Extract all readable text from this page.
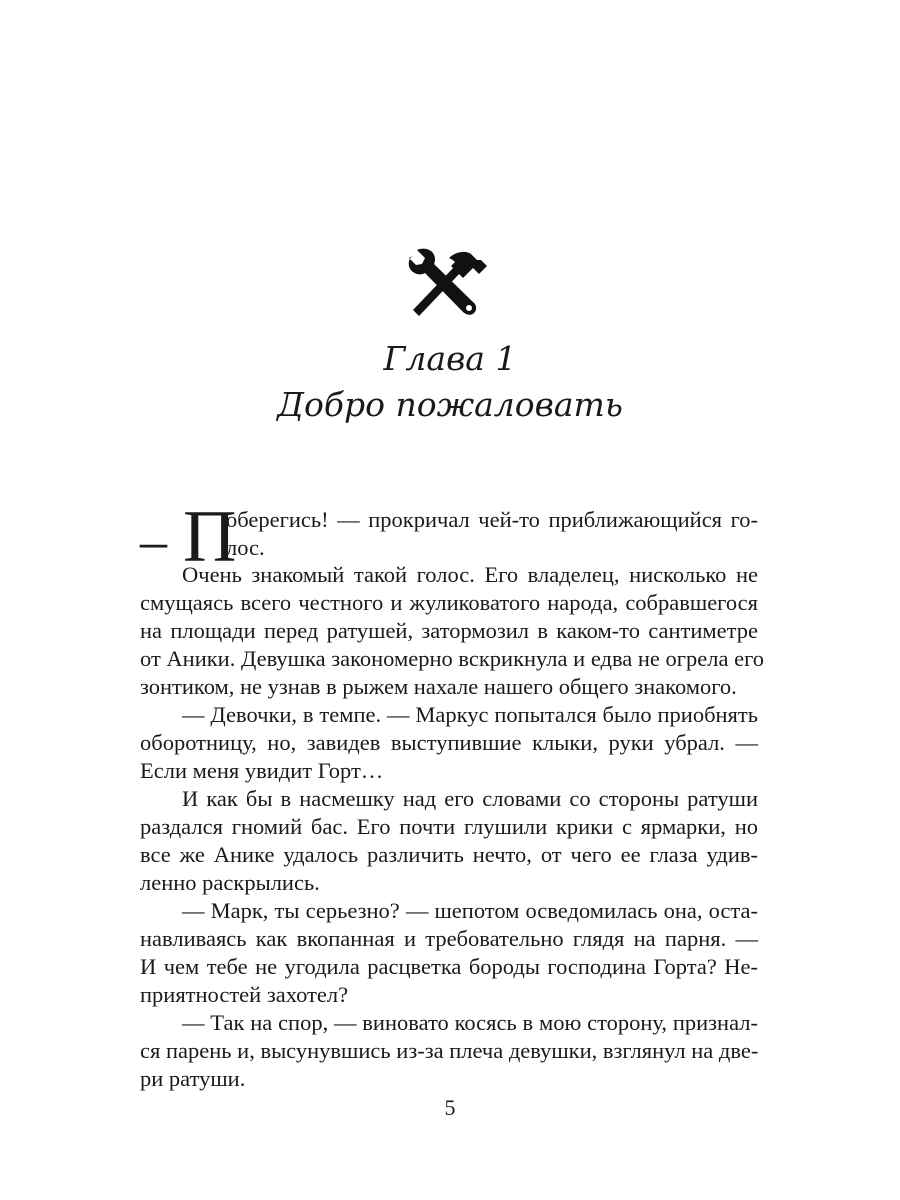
Глава 1
Добро пожаловать
– П
оберегись! — прокричал чей-то приближающийся го-
лос.
Очень знакомый такой голос. Его владелец, нисколько не
смущаясь всего честного и жуликоватого народа, собравшегося
на площади перед ратушей, затормозил в каком-то сантиметре
от Аники. Девушка закономерно вскрикнула и едва не огрела его
зонтиком, не узнав в рыжем нахале нашего общего знакомого.
— Девочки, в темпе. — Маркус попытался было приобнять
оборотницу, но, завидев выступившие клыки, руки убрал. —
Если меня увидит Горт…
И как бы в насмешку над его словами со стороны ратуши
раздался гномий бас. Его почти глушили крики с ярмарки, но
все же Анике удалось различить нечто, от чего ее глаза удив-
ленно раскрылись.
— Марк, ты серьезно? — шепотом осведомилась она, оста-
навливаясь как вкопанная и требовательно глядя на парня. —
И чем тебе не угодила расцветка бороды господина Горта? Не-
приятностей захотел?
— Так на спор, — виновато косясь в мою сторону, признал-
ся парень и, высунувшись из-за плеча девушки, взглянул на две-
ри ратуши.
5
